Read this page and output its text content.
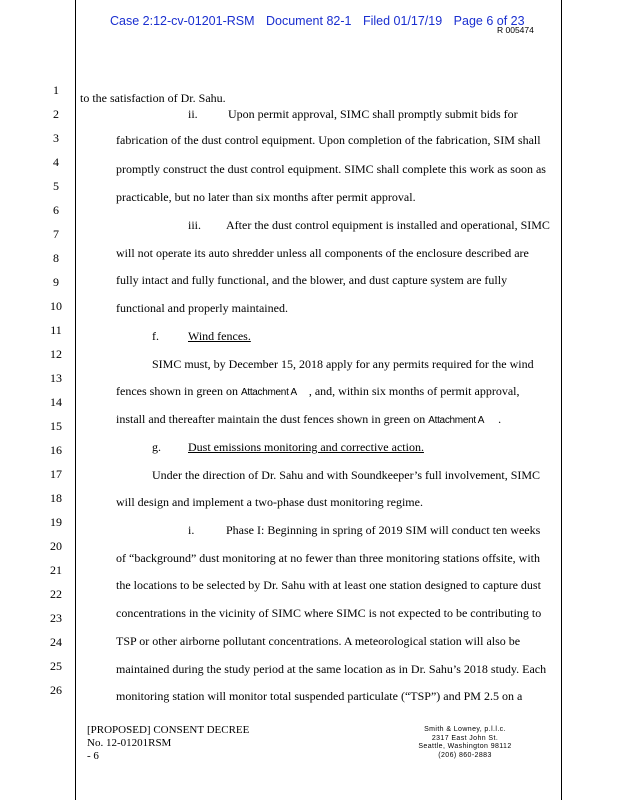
Case 2:12-cv-01201-RSM Document 82-1 Filed 01/17/19 Page 6 of 23
R 005474
1
2
3
4
5
6
7
8
9
10
11
12
13
14
15
16
17
18
19
20
21
22
23
24
25
26
to the satisfaction of Dr. Sahu.
ii.	Upon permit approval, SIMC shall promptly submit bids for
fabrication of the dust control equipment. Upon completion of the fabrication, SIM shall
promptly construct the dust control equipment. SIMC shall complete this work as soon as
practicable, but no later than six months after permit approval.
iii. After the dust control equipment is installed and operational, SIMC
will not operate its auto shredder unless all components of the enclosure described are
fully intact and fully functional, and the blower, and dust capture system are fully
functional and properly maintained.
f. Wind fences.
SIMC must, by December 15, 2018 apply for any permits required for the wind
fences shown in green on Attachment A , and, within six months of permit approval,
install and thereafter maintain the dust fences shown in green on Attachment A .
g. Dust emissions monitoring and corrective action.
Under the direction of Dr. Sahu and with Soundkeeper’s full involvement, SIMC
will design and implement a two-phase dust monitoring regime.
i.	Phase I: Beginning in spring of 2019 SIM will conduct ten weeks
of “background” dust monitoring at no fewer than three monitoring stations offsite, with
the locations to be selected by Dr. Sahu with at least one station designed to capture dust
concentrations in the vicinity of SIMC where SIMC is not expected to be contributing to
TSP or other airborne pollutant concentrations. A meteorological station will also be
maintained during the study period at the same location as in Dr. Sahu’s 2018 study. Each
monitoring station will monitor total suspended particulate (“TSP”) and PM 2.5 on a
[PROPOSED] CONSENT DECREE
No. 12-01201RSM
- 6
Smith & Lowney, p.l.l.c.
2317 East John St.
Seattle, Washington 98112
(206) 860-2883
